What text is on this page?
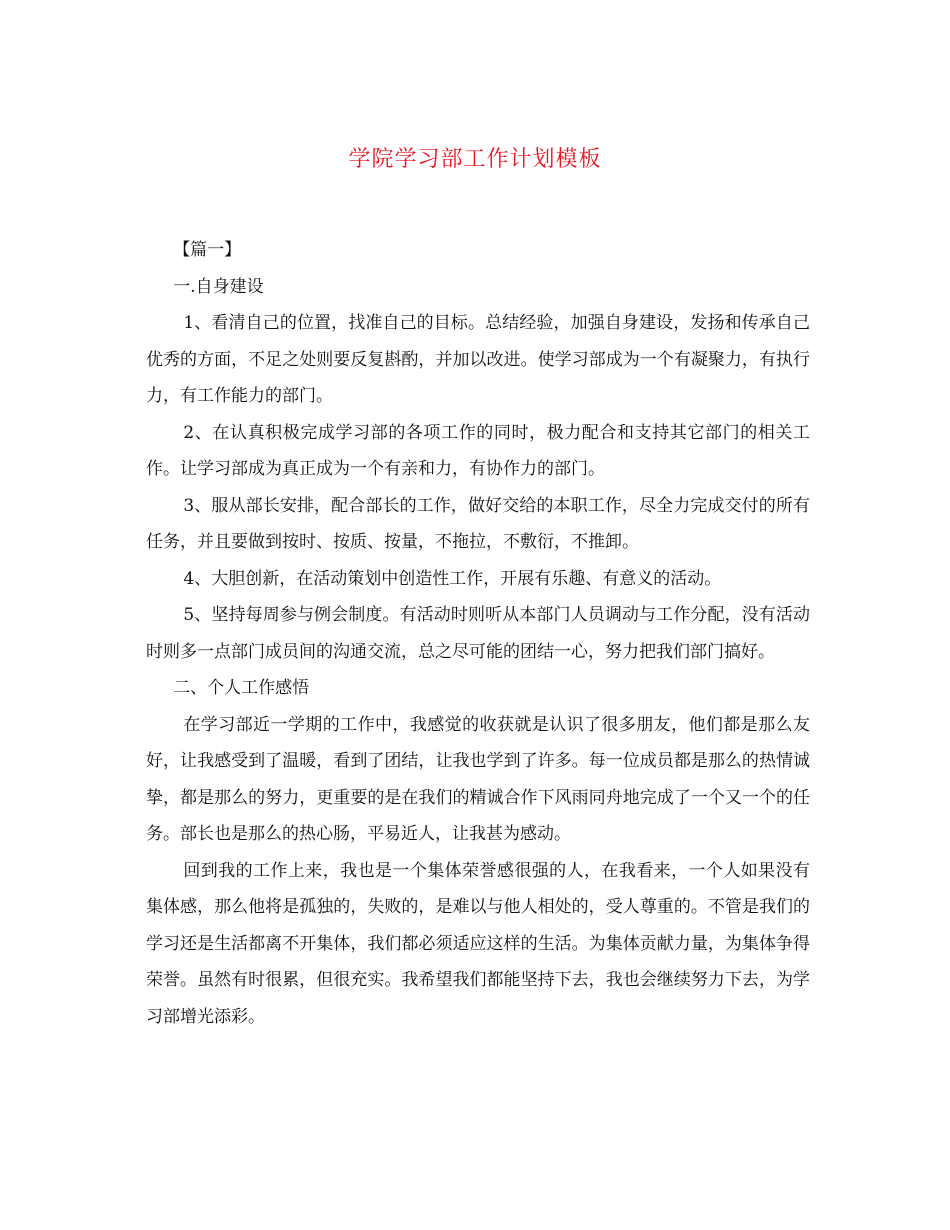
学院学习部工作计划模板

【篇一】

一.自身建设

1、看清自己的位置，找准自己的目标。总结经验，加强自身建设，发扬和传承自己优秀的方面，不足之处则要反复斟酌，并加以改进。使学习部成为一个有凝聚力，有执行力，有工作能力的部门。

2、在认真积极完成学习部的各项工作的同时，极力配合和支持其它部门的相关工作。让学习部成为真正成为一个有亲和力，有协作力的部门。

3、服从部长安排，配合部长的工作，做好交给的本职工作，尽全力完成交付的所有任务，并且要做到按时、按质、按量，不拖拉，不敷衍，不推卸。

4、大胆创新，在活动策划中创造性工作，开展有乐趣、有意义的活动。

5、坚持每周参与例会制度。有活动时则听从本部门人员调动与工作分配，没有活动时则多一点部门成员间的沟通交流，总之尽可能的团结一心，努力把我们部门搞好。

二、个人工作感悟

在学习部近一学期的工作中，我感觉的收获就是认识了很多朋友，他们都是那么友好，让我感受到了温暖，看到了团结，让我也学到了许多。每一位成员都是那么的热情诚挚，都是那么的努力，更重要的是在我们的精诚合作下风雨同舟地完成了一个又一个的任务。部长也是那么的热心肠，平易近人，让我甚为感动。

回到我的工作上来，我也是一个集体荣誉感很强的人，在我看来，一个人如果没有集体感，那么他将是孤独的，失败的，是难以与他人相处的，受人尊重的。不管是我们的学习还是生活都离不开集体，我们都必须适应这样的生活。为集体贡献力量，为集体争得荣誉。虽然有时很累，但很充实。我希望我们都能坚持下去，我也会继续努力下去，为学习部增光添彩。
